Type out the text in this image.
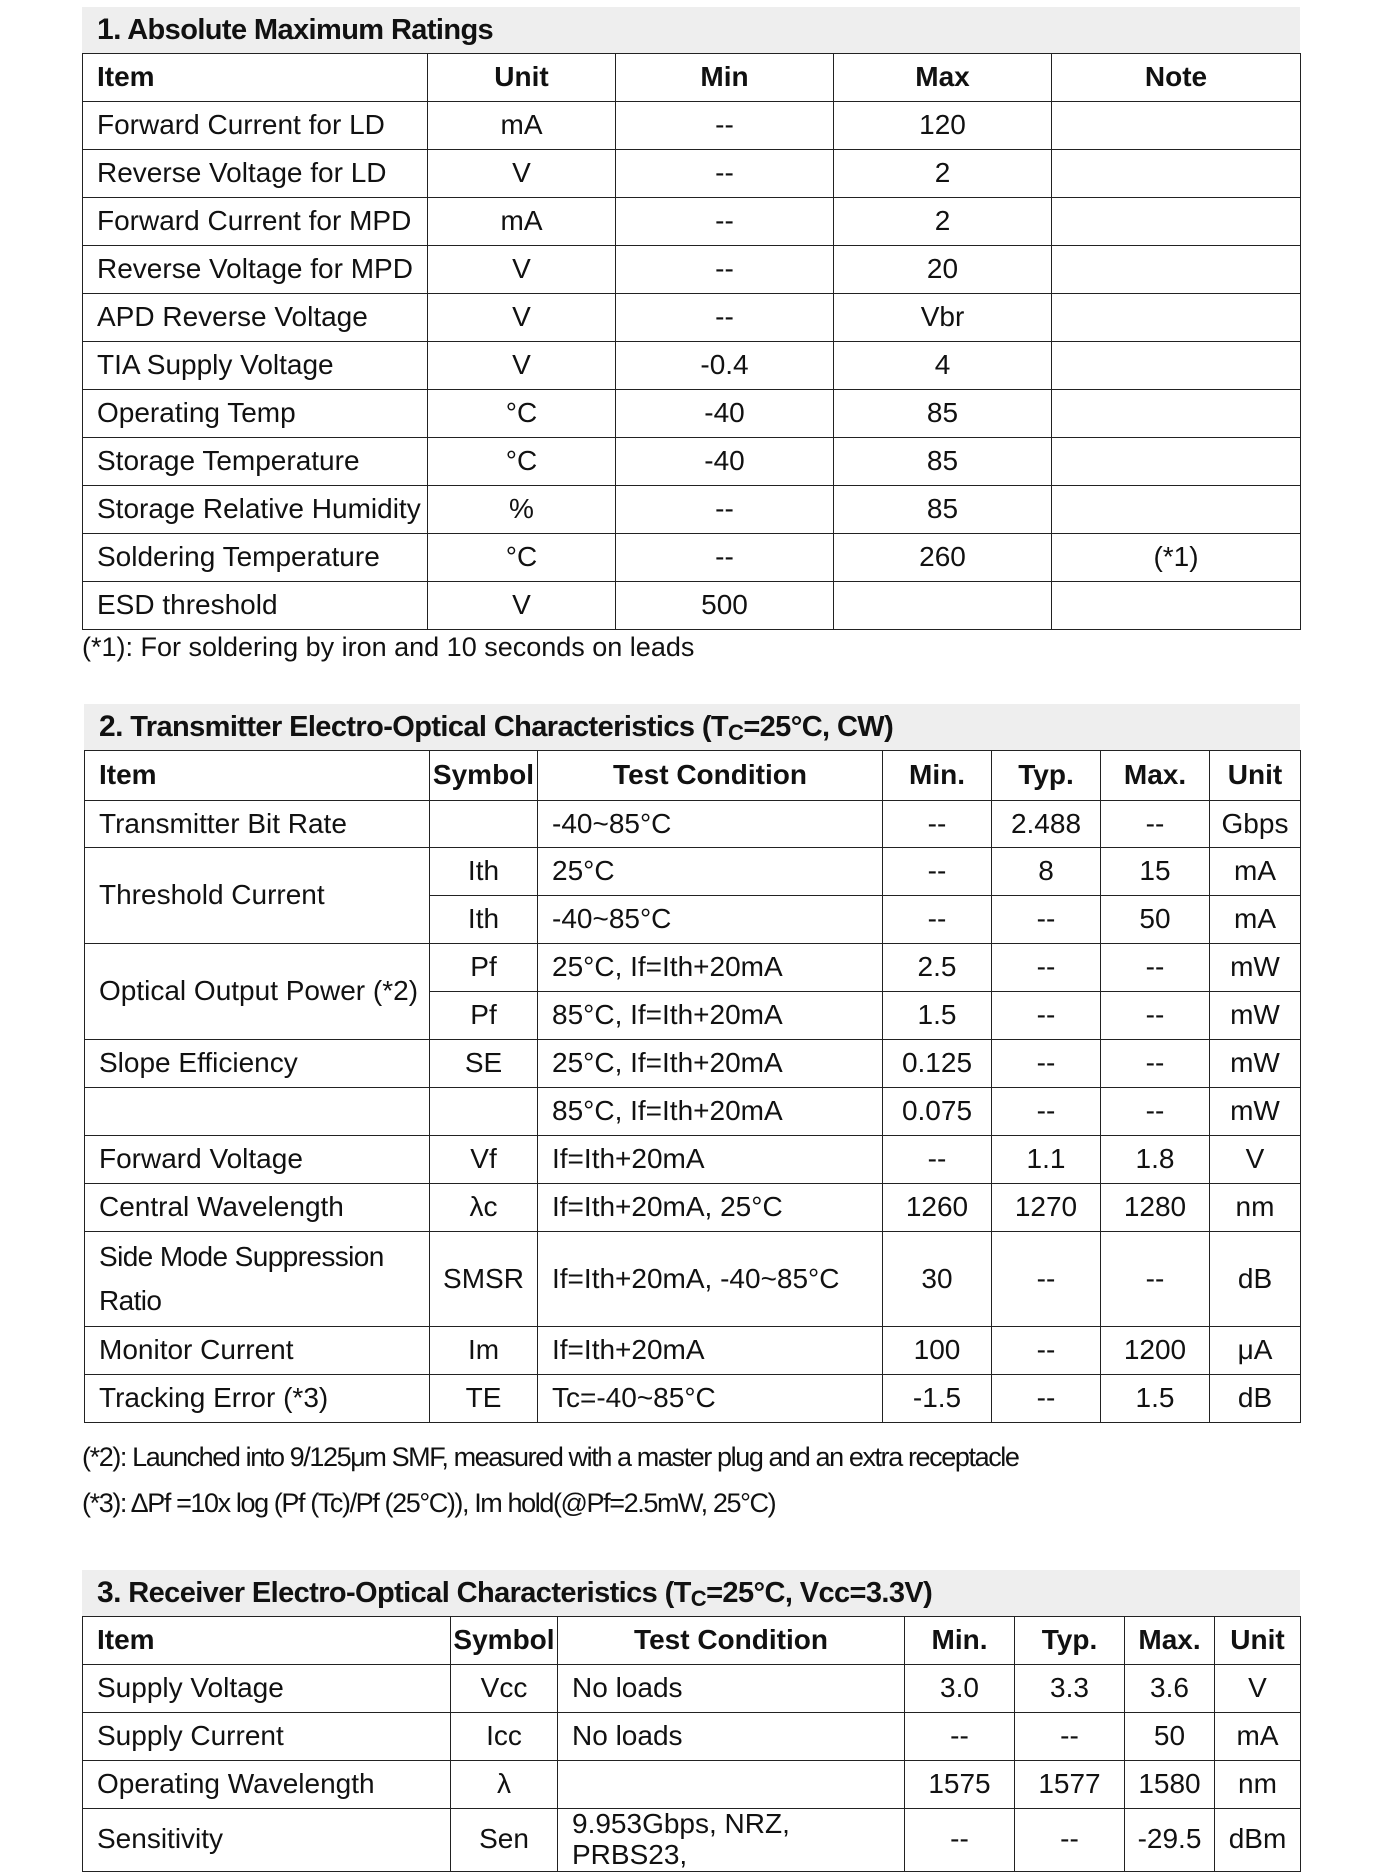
1. Absolute Maximum Ratings
Item	Unit	Min	Max	Note
Forward Current for LD	mA	--	120	
Reverse Voltage for LD	V	--	2	
Forward Current for MPD	mA	--	2	
Reverse Voltage for MPD	V	--	20	
APD Reverse Voltage	V	--	Vbr	
TIA Supply Voltage	V	-0.4	4	
Operating Temp	°C	-40	85	
Storage Temperature	°C	-40	85	
Storage Relative Humidity	%	--	85	
Soldering Temperature	°C	--	260	(*1)
ESD threshold	V	500		
(*1): For soldering by iron and 10 seconds on leads
2. Transmitter Electro-Optical Characteristics ($T_C=25^\circ C$, CW)
Item	Symbol	Test Condition	Min.	Typ.	Max.	Unit
Transmitter Bit Rate		-40~85°C	--	2.488	--	Gbps
Threshold Current	Ith	25°C	--	8	15	mA
	Ith	-40~85°C	--	--	50	mA
Optical Output Power (*2)	Pf	25°C, If=Ith+20mA	2.5	--	--	mW
	Pf	85°C, If=Ith+20mA	1.5	--	--	mW
Slope Efficiency	SE	25°C, If=Ith+20mA	0.125	--	--	mW
		85°C, If=Ith+20mA	0.075	--	--	mW
Forward Voltage	Vf	If=Ith+20mA	--	1.1	1.8	V
Central Wavelength	λc	If=Ith+20mA, 25°C	1260	1270	1280	nm

Side Mode Suppression
Ratio	SMSR	If=Ith+20mA, -40~85°C	30	--	--	dB
Monitor Current	Im	If=Ith+20mA	100	--	1200	μA
Tracking Error (*3)	TE	Tc=-40~85°C	-1.5	--	1.5	dB
(*2): Launched into 9/125μm SMF, measured with a master plug and an extra receptacle
(*3): ΔPf =10x log (Pf (Tc)/Pf (25°C)), Im hold(@Pf=2.5mW, 25°C)
3. Receiver Electro-Optical Characteristics ($T_C=25^\circ C$, Vcc=3.3V)
Item	Symbol	Test Condition	Min.	Typ.	Max.	Unit
Supply Voltage	Vcc	No loads	3.0	3.3	3.6	V
Supply Current	Icc	No loads	--	--	50	mA
Operating Wavelength	λ		1575	1577	1580	nm
Sensitivity	Sen	9.953Gbps, NRZ, PRBS23,	--	--	-29.5	dBm
